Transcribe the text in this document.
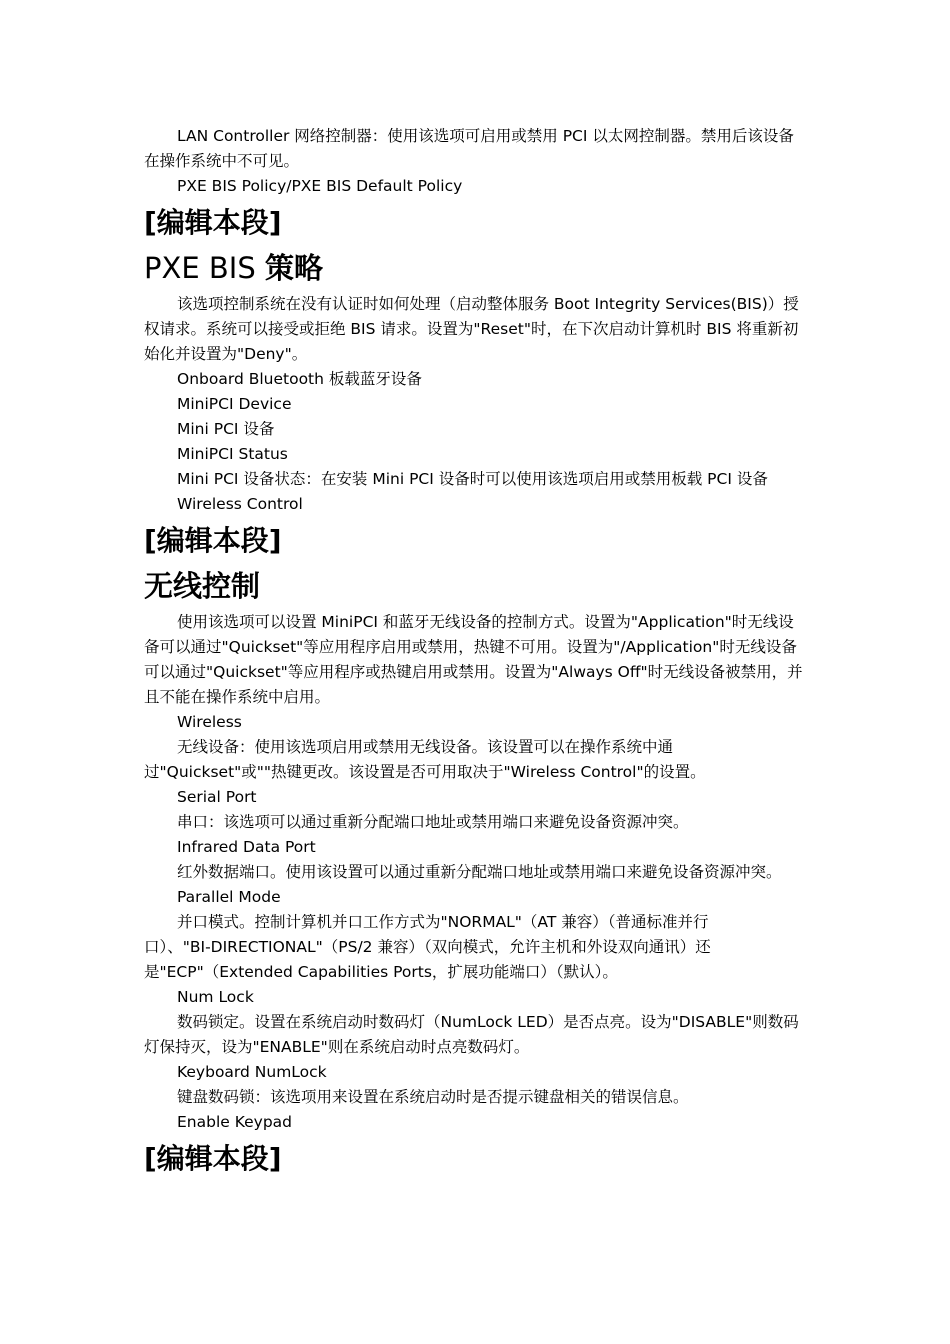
LAN Controller 网络控制器：使用该选项可启用或禁用 PCI 以太网控制器。禁用后该设备在操作系统中不可见。

PXE BIS Policy/PXE BIS Default Policy

[编辑本段]
PXE BIS 策略

该选项控制系统在没有认证时如何处理（启动整体服务 Boot Integrity Services(BIS)）授权请求。系统可以接受或拒绝 BIS 请求。设置为"Reset"时，在下次启动计算机时 BIS 将重新初始化并设置为"Deny"。

Onboard Bluetooth 板载蓝牙设备

MiniPCI Device

Mini PCI 设备

MiniPCI Status

Mini PCI 设备状态：在安装 Mini PCI 设备时可以使用该选项启用或禁用板载 PCI 设备

Wireless Control

[编辑本段]
无线控制

使用该选项可以设置 MiniPCI 和蓝牙无线设备的控制方式。设置为"Application"时无线设备可以通过"Quickset"等应用程序启用或禁用，热键不可用。设置为"/Application"时无线设备可以通过"Quickset"等应用程序或热键启用或禁用。设置为"Always Off"时无线设备被禁用，并且不能在操作系统中启用。

Wireless

无线设备：使用该选项启用或禁用无线设备。该设置可以在操作系统中通

过"Quickset"或""热键更改。该设置是否可用取决于"Wireless Control"的设置。

Serial Port

串口：该选项可以通过重新分配端口地址或禁用端口来避免设备资源冲突。

Infrared Data Port

红外数据端口。使用该设置可以通过重新分配端口地址或禁用端口来避免设备资源冲突。

Parallel Mode

并口模式。控制计算机并口工作方式为"NORMAL"（AT 兼容）（普通标准并行

口）、"BI-DIRECTIONAL"（PS/2 兼容）（双向模式，允许主机和外设双向通讯）还

是"ECP"（Extended Capabilities Ports，扩展功能端口）（默认）。

Num Lock

数码锁定。设置在系统启动时数码灯（NumLock LED）是否点亮。设为"DISABLE"则数码灯保持灭，设为"ENABLE"则在系统启动时点亮数码灯。

Keyboard NumLock

键盘数码锁：该选项用来设置在系统启动时是否提示键盘相关的错误信息。

Enable Keypad

[编辑本段]
